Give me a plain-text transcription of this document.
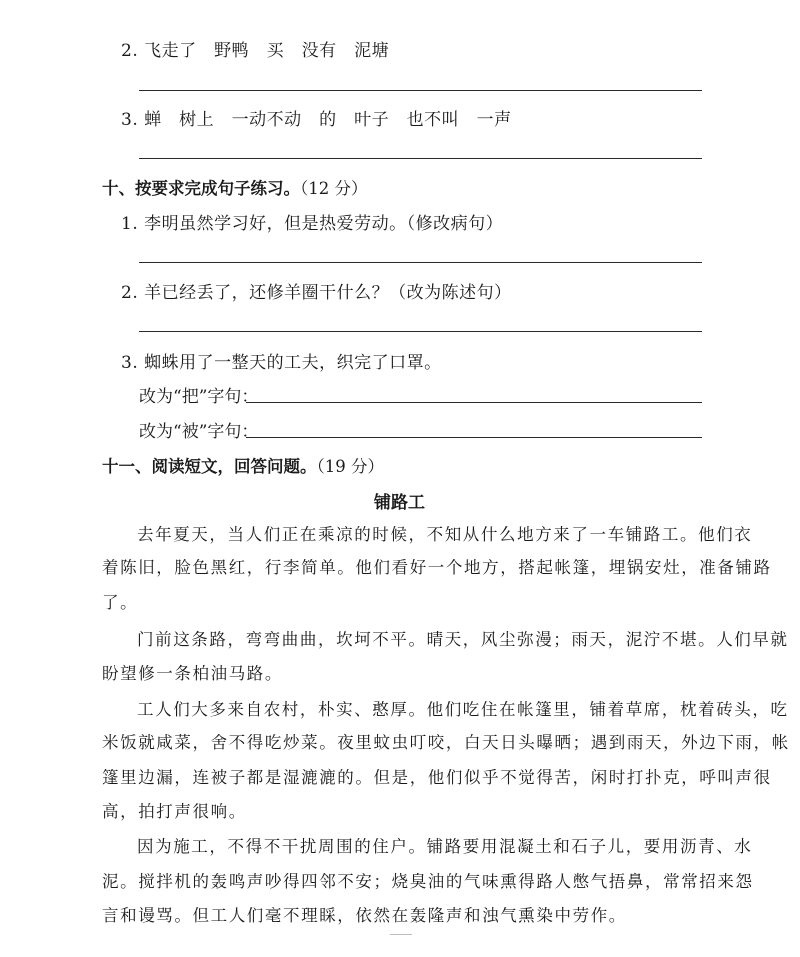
2. 飞走了　野鸭　买　没有　泥塘
3. 蝉　树上　一动不动　的　叶子　也不叫　一声
十、按要求完成句子练习。（12 分）
1. 李明虽然学习好，但是热爱劳动。（修改病句）
2. 羊已经丢了，还修羊圈干什么？（改为陈述句）
3. 蜘蛛用了一整天的工夫，织完了口罩。
改为“把”字句：
改为“被”字句：
十一、阅读短文，回答问题。（19 分）
铺路工
去年夏天，当人们正在乘凉的时候，不知从什么地方来了一车铺路工。他们衣
着陈旧，脸色黑红，行李简单。他们看好一个地方，搭起帐篷，埋锅安灶，准备铺路
了。
门前这条路，弯弯曲曲，坎坷不平。晴天，风尘弥漫；雨天，泥泞不堪。人们早就
盼望修一条柏油马路。
工人们大多来自农村，朴实、憨厚。他们吃住在帐篷里，铺着草席，枕着砖头，吃
米饭就咸菜，舍不得吃炒菜。夜里蚊虫叮咬，白天日头曝晒；遇到雨天，外边下雨，帐
篷里边漏，连被子都是湿漉漉的。但是，他们似乎不觉得苦，闲时打扑克，呼叫声很
高，拍打声很响。
因为施工，不得不干扰周围的住户。铺路要用混凝土和石子儿，要用沥青、水
泥。搅拌机的轰鸣声吵得四邻不安；烧臭油的气味熏得路人憋气捂鼻，常常招来怨
言和谩骂。但工人们毫不理睬，依然在轰隆声和浊气熏染中劳作。
